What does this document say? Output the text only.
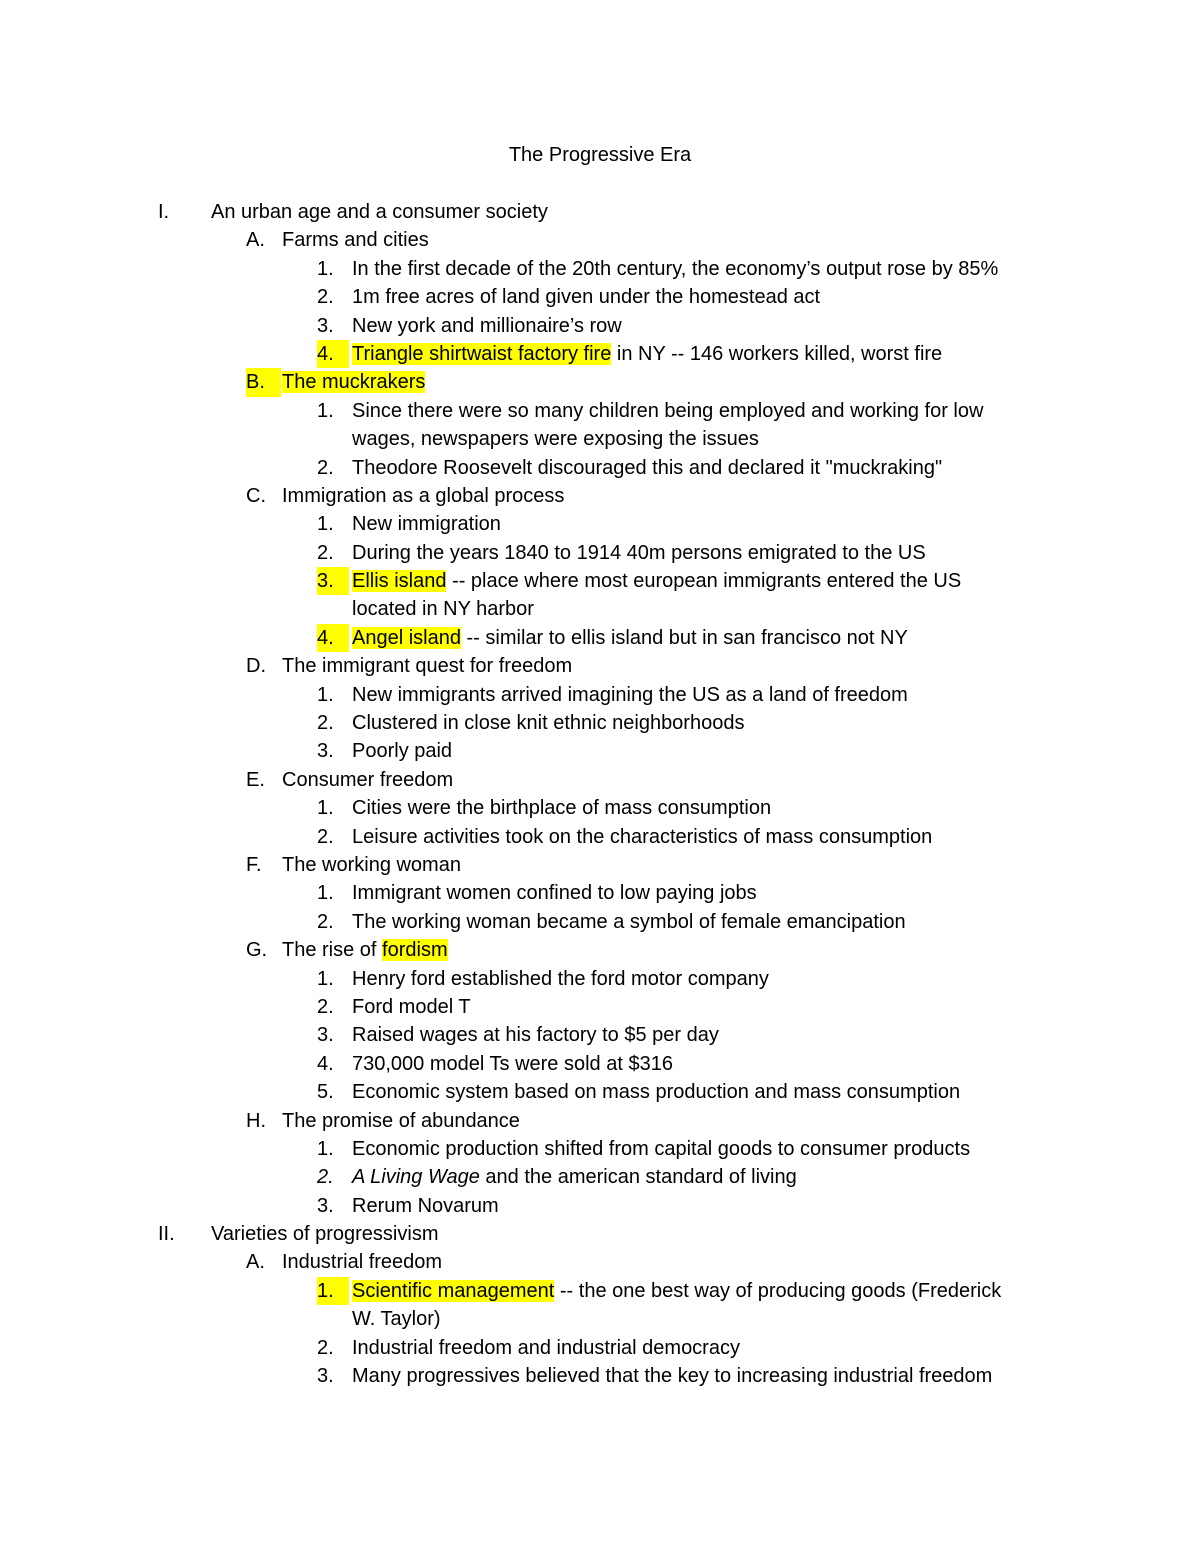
The Progressive Era
I. An urban age and a consumer society
A. Farms and cities
1. In the first decade of the 20th century, the economy’s output rose by 85%
2. 1m free acres of land given under the homestead act
3. New york and millionaire’s row
4. Triangle shirtwaist factory fire in NY -- 146 workers killed, worst fire
B. The muckrakers
1. Since there were so many children being employed and working for low
wages, newspapers were exposing the issues
2. Theodore Roosevelt discouraged this and declared it "muckraking"
C. Immigration as a global process
1. New immigration
2. During the years 1840 to 1914 40m persons emigrated to the US
3. Ellis island -- place where most european immigrants entered the US
located in NY harbor
4. Angel island -- similar to ellis island but in san francisco not NY
D. The immigrant quest for freedom
1. New immigrants arrived imagining the US as a land of freedom
2. Clustered in close knit ethnic neighborhoods
3. Poorly paid
E. Consumer freedom
1. Cities were the birthplace of mass consumption
2. Leisure activities took on the characteristics of mass consumption
F. The working woman
1. Immigrant women confined to low paying jobs
2. The working woman became a symbol of female emancipation
G. The rise of fordism
1. Henry ford established the ford motor company
2. Ford model T
3. Raised wages at his factory to $5 per day
4. 730,000 model Ts were sold at $316
5. Economic system based on mass production and mass consumption
H. The promise of abundance
1. Economic production shifted from capital goods to consumer products
2. A Living Wage and the american standard of living
3. Rerum Novarum
II. Varieties of progressivism
A. Industrial freedom
1. Scientific management -- the one best way of producing goods (Frederick
W. Taylor)
2. Industrial freedom and industrial democracy
3. Many progressives believed that the key to increasing industrial freedom
